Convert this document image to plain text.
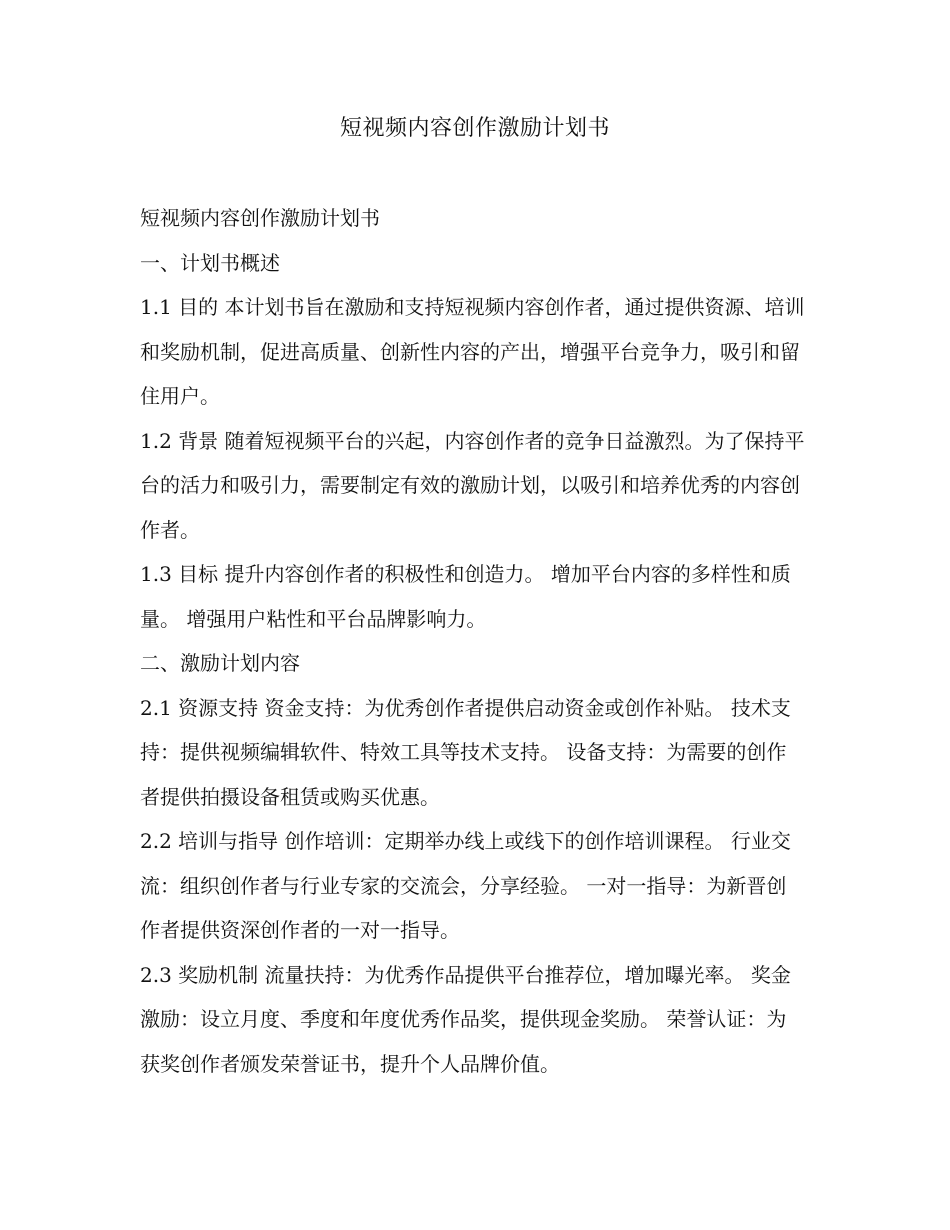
短视频内容创作激励计划书

短视频内容创作激励计划书

一、计划书概述

1.1 目的 本计划书旨在激励和支持短视频内容创作者，通过提供资源、培训和奖励机制，促进高质量、创新性内容的产出，增强平台竞争力，吸引和留住用户。

1.2 背景 随着短视频平台的兴起，内容创作者的竞争日益激烈。为了保持平台的活力和吸引力，需要制定有效的激励计划，以吸引和培养优秀的内容创作者。

1.3 目标 提升内容创作者的积极性和创造力。 增加平台内容的多样性和质量。 增强用户粘性和平台品牌影响力。

二、激励计划内容

2.1 资源支持 资金支持：为优秀创作者提供启动资金或创作补贴。 技术支持：提供视频编辑软件、特效工具等技术支持。 设备支持：为需要的创作者提供拍摄设备租赁或购买优惠。

2.2 培训与指导 创作培训：定期举办线上或线下的创作培训课程。 行业交流：组织创作者与行业专家的交流会，分享经验。 一对一指导：为新晋创作者提供资深创作者的一对一指导。

2.3 奖励机制 流量扶持：为优秀作品提供平台推荐位，增加曝光率。 奖金激励：设立月度、季度和年度优秀作品奖，提供现金奖励。 荣誉认证：为获奖创作者颁发荣誉证书，提升个人品牌价值。
